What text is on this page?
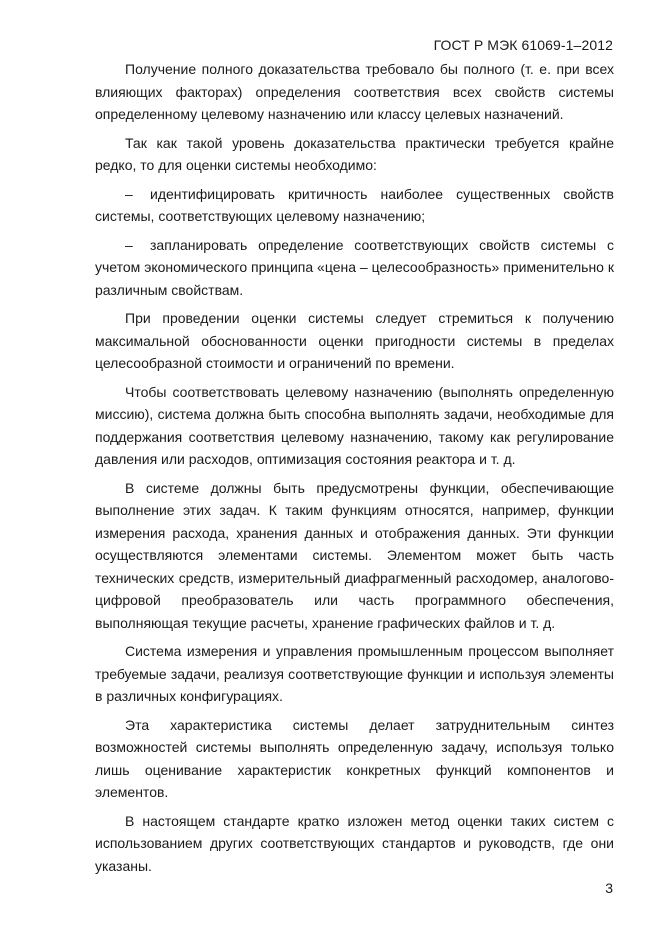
ГОСТ Р МЭК 61069-1–2012

Получение полного доказательства требовало бы полного (т. е. при всех влияющих факторах) определения соответствия всех свойств системы определенному целевому назначению или классу целевых назначений.

Так как такой уровень доказательства практически требуется крайне редко, то для оценки системы необходимо:

– идентифицировать критичность наиболее существенных свойств системы, соответствующих целевому назначению;

– запланировать определение соответствующих свойств системы с учетом экономического принципа «цена – целесообразность» применительно к различным свойствам.

При проведении оценки системы следует стремиться к получению максимальной обоснованности оценки пригодности системы в пределах целесообразной стоимости и ограничений по времени.

Чтобы соответствовать целевому назначению (выполнять определенную миссию), система должна быть способна выполнять задачи, необходимые для поддержания соответствия целевому назначению, такому как регулирование давления или расходов, оптимизация состояния реактора и т. д.

В системе должны быть предусмотрены функции, обеспечивающие выполнение этих задач. К таким функциям относятся, например, функции измерения расхода, хранения данных и отображения данных. Эти функции осуществляются элементами системы. Элементом может быть часть технических средств, измерительный диафрагменный расходомер, аналогово-цифровой преобразователь или часть программного обеспечения, выполняющая текущие расчеты, хранение графических файлов и т. д.

Система измерения и управления промышленным процессом выполняет требуемые задачи, реализуя соответствующие функции и используя элементы в различных конфигурациях.

Эта характеристика системы делает затруднительным синтез возможностей системы выполнять определенную задачу, используя только лишь оценивание характеристик конкретных функций компонентов и элементов.

В настоящем стандарте кратко изложен метод оценки таких систем с использованием других соответствующих стандартов и руководств, где они указаны.

3
